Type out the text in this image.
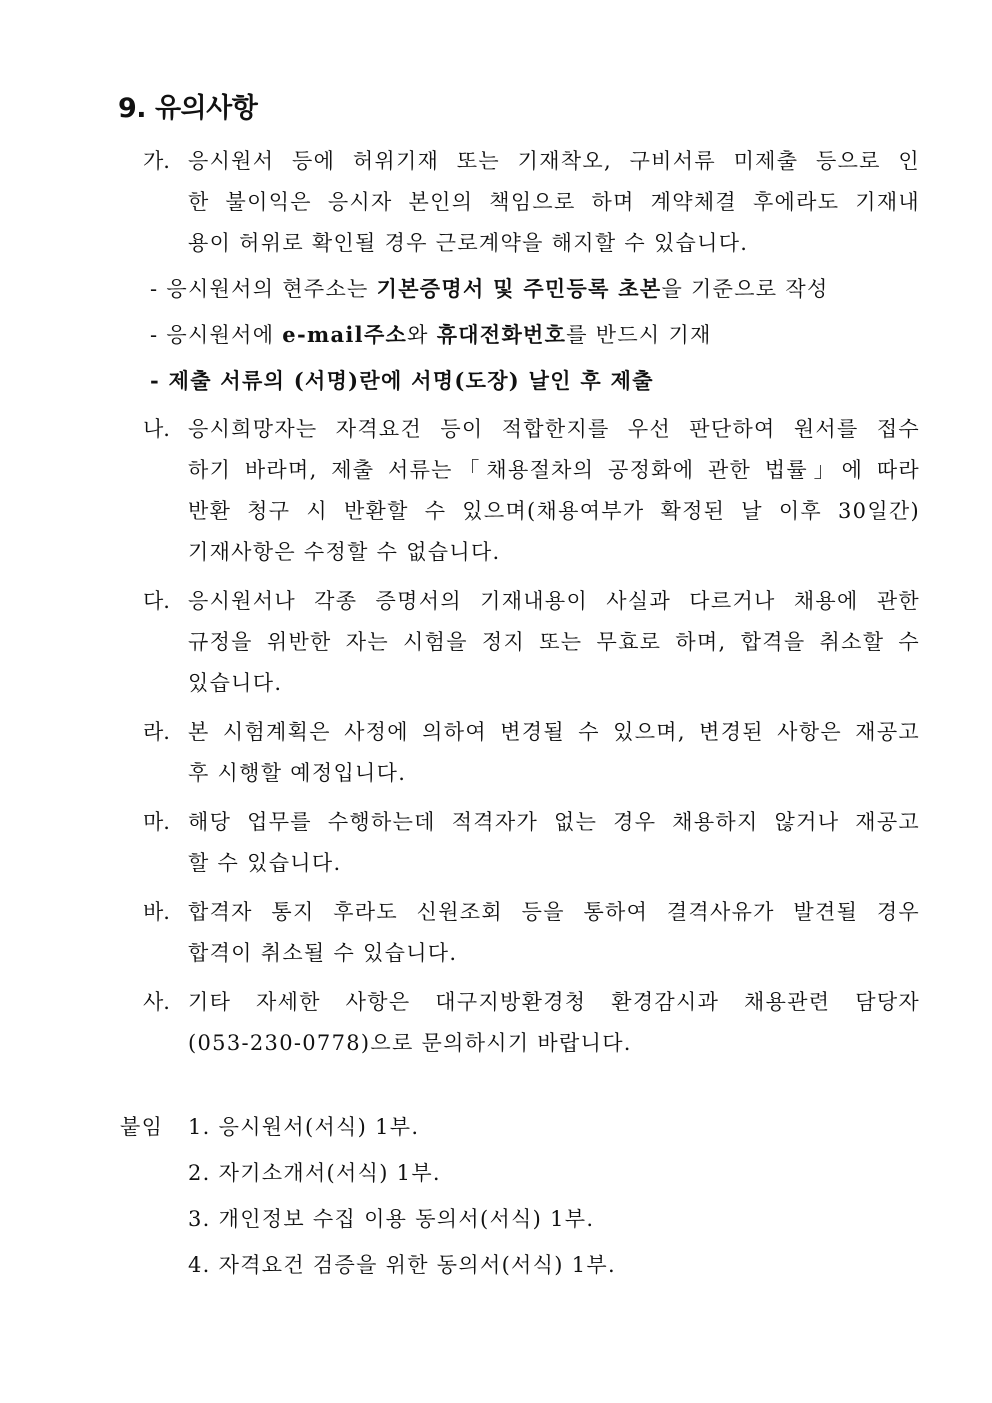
9. 유의사항
가. 응시원서 등에 허위기재 또는 기재착오, 구비서류 미제출 등으로 인
한 불이익은 응시자 본인의 책임으로 하며 계약체결 후에라도 기재내
용이 허위로 확인될 경우 근로계약을 해지할 수 있습니다.
- 응시원서의 현주소는 기본증명서 및 주민등록 초본을 기준으로 작성
- 응시원서에 e-mail주소와 휴대전화번호를 반드시 기재
- 제출 서류의 (서명)란에 서명(도장) 날인 후 제출
나. 응시희망자는 자격요건 등이 적합한지를 우선 판단하여 원서를 접수
하기 바라며, 제출 서류는「채용절차의 공정화에 관한 법률」에 따라
반환 청구 시 반환할 수 있으며(채용여부가 확정된 날 이후 30일간)
기재사항은 수정할 수 없습니다.
다. 응시원서나 각종 증명서의 기재내용이 사실과 다르거나 채용에 관한
규정을 위반한 자는 시험을 정지 또는 무효로 하며, 합격을 취소할 수
있습니다.
라. 본 시험계획은 사정에 의하여 변경될 수 있으며, 변경된 사항은 재공고
후 시행할 예정입니다.
마. 해당 업무를 수행하는데 적격자가 없는 경우 채용하지 않거나 재공고
할 수 있습니다.
바. 합격자 통지 후라도 신원조회 등을 통하여 결격사유가 발견될 경우
합격이 취소될 수 있습니다.
사. 기타 자세한 사항은 대구지방환경청 환경감시과 채용관련 담당자
(053-230-0778)으로 문의하시기 바랍니다.
붙임 1. 응시원서(서식) 1부.
2. 자기소개서(서식) 1부.
3. 개인정보 수집 이용 동의서(서식) 1부.
4. 자격요건 검증을 위한 동의서(서식) 1부.
